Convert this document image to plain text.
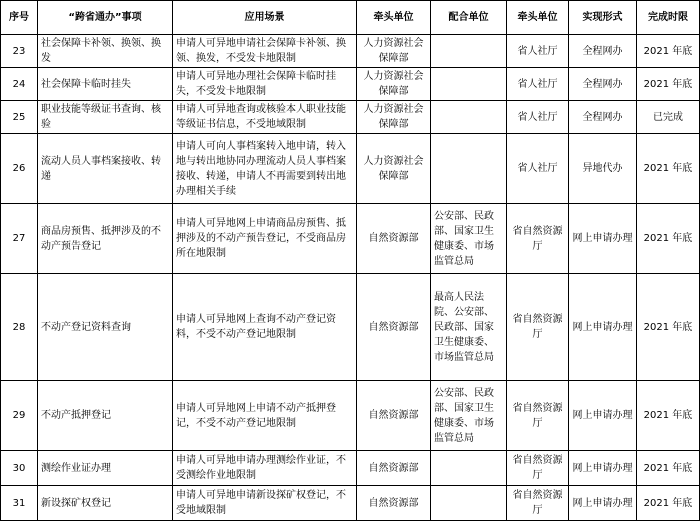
序号	“跨省通办”事项	应用场景	牵头单位	配合单位	牵头单位	实现形式	完成时限
23	社会保障卡补领、换领、换发	申请人可异地申请社会保障卡补领、换领、换发，不受发卡地限制	人力资源社会保障部		省人社厅	全程网办	2021 年底
24	社会保障卡临时挂失	申请人可异地办理社会保障卡临时挂失，不受发卡地限制	人力资源社会保障部		省人社厅	全程网办	2021 年底
25	职业技能等级证书查询、核验	申请人可异地查询或核验本人职业技能等级证书信息，不受地域限制	人力资源社会保障部		省人社厅	全程网办	已完成
26	流动人员人事档案接收、转递	申请人可向人事档案转入地申请，转入地与转出地协同办理流动人员人事档案接收、转递，申请人不再需要到转出地办理相关手续	人力资源社会保障部		省人社厅	异地代办	2021 年底
27	商品房预售、抵押涉及的不动产预告登记	申请人可异地网上申请商品房预售、抵押涉及的不动产预告登记，不受商品房所在地限制	自然资源部	公安部、民政部、国家卫生健康委、市场监管总局	省自然资源厅	网上申请办理	2021 年底
28	不动产登记资料查询	申请人可异地网上查询不动产登记资料，不受不动产登记地限制	自然资源部	最高人民法院、公安部、民政部、国家卫生健康委、市场监管总局	省自然资源厅	网上申请办理	2021 年底
29	不动产抵押登记	申请人可异地网上申请不动产抵押登记，不受不动产登记地限制	自然资源部	公安部、民政部、国家卫生健康委、市场监管总局	省自然资源厅	网上申请办理	2021 年底
30	测绘作业证办理	申请人可异地申请办理测绘作业证，不受测绘作业地限制	自然资源部		省自然资源厅	网上申请办理	2021 年底
31	新设探矿权登记	申请人可异地申请新设探矿权登记，不受地域限制	自然资源部		省自然资源厅	网上申请办理	2021 年底
